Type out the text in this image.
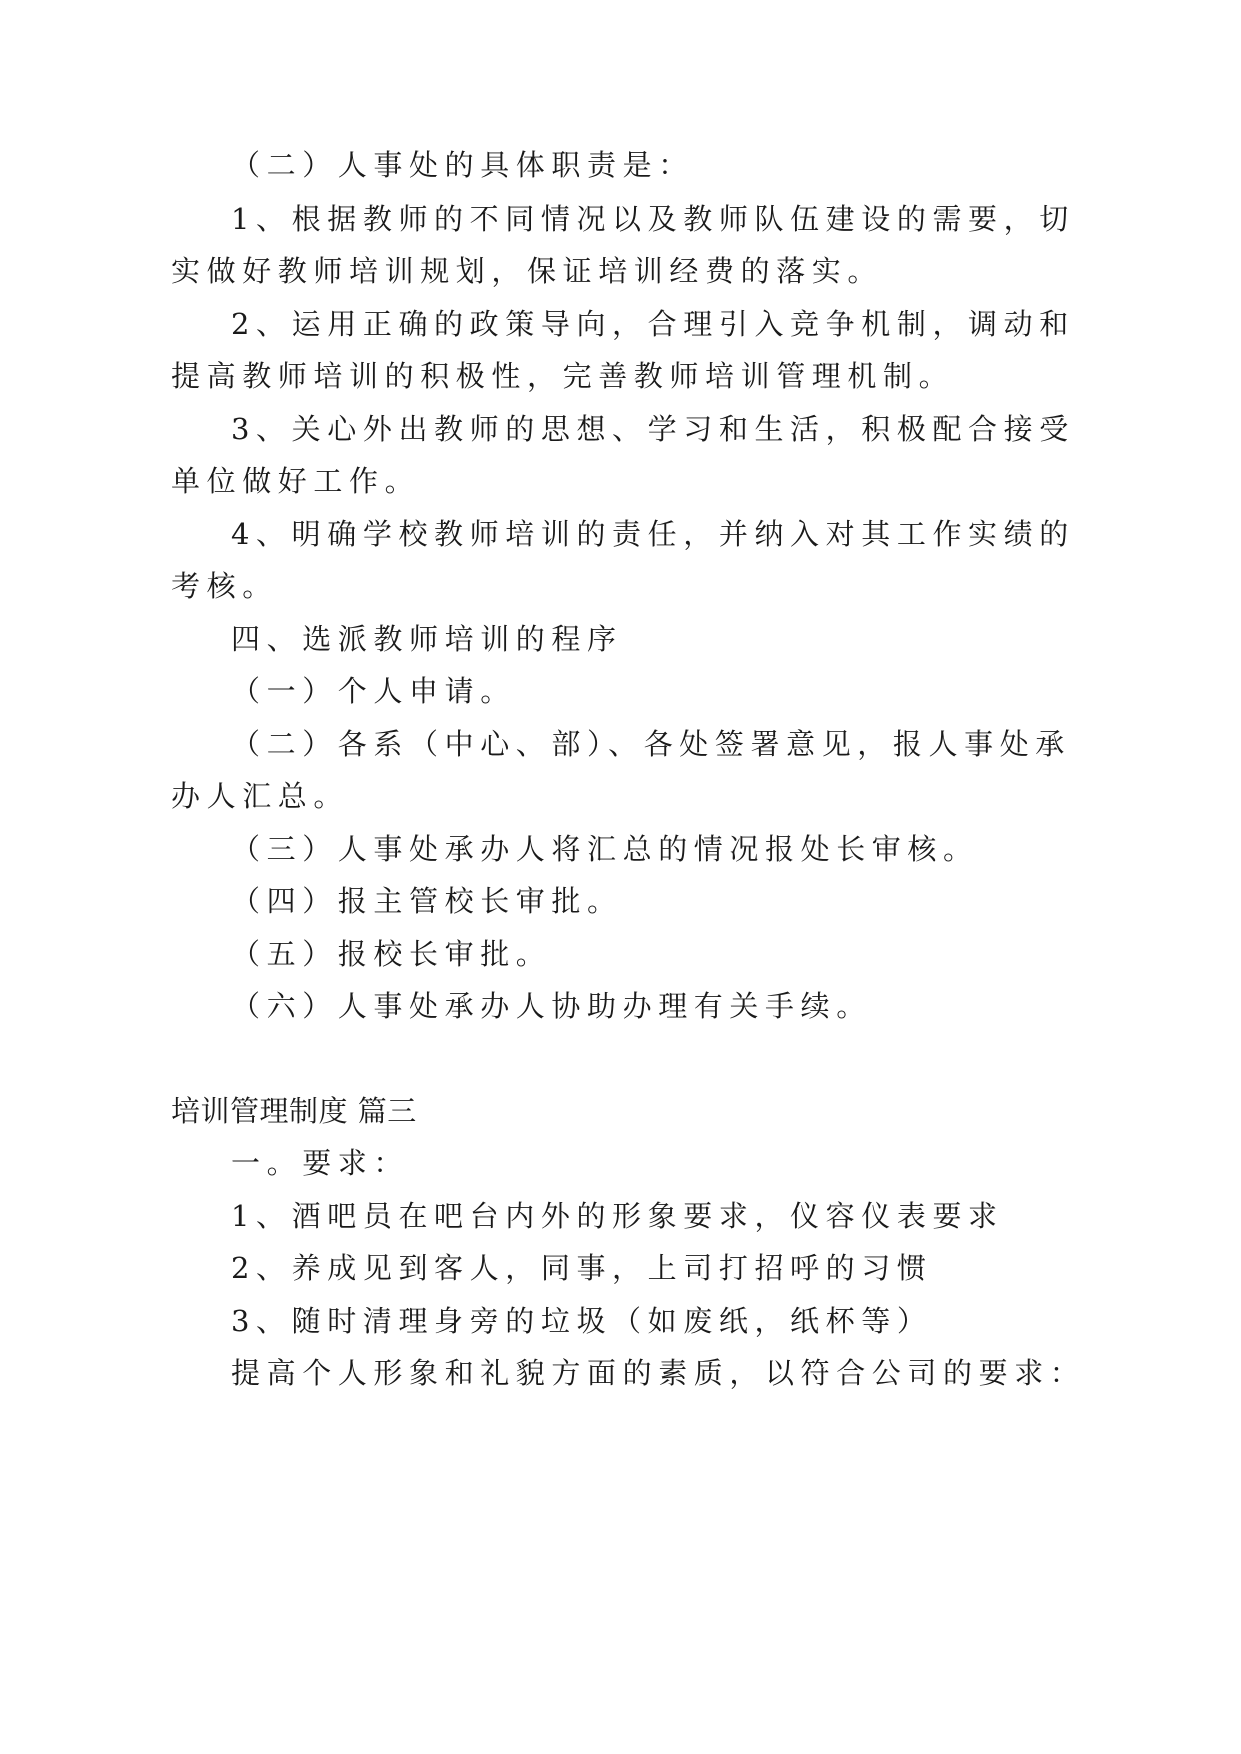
（二）人事处的具体职责是：

1、根据教师的不同情况以及教师队伍建设的需要，切

实做好教师培训规划，保证培训经费的落实。

2、运用正确的政策导向，合理引入竞争机制，调动和

提高教师培训的积极性，完善教师培训管理机制。

3、关心外出教师的思想、学习和生活，积极配合接受

单位做好工作。

4、明确学校教师培训的责任，并纳入对其工作实绩的

考核。

四、选派教师培训的程序

（一）个人申请。

（二）各系（中心、部）、各处签署意见，报人事处承

办人汇总。

（三）人事处承办人将汇总的情况报处长审核。

（四）报主管校长审批。

（五）报校长审批。

（六）人事处承办人协助办理有关手续。

培训管理制度 篇三

一。要求：

1、酒吧员在吧台内外的形象要求，仪容仪表要求

2、养成见到客人，同事，上司打招呼的习惯

3、随时清理身旁的垃圾（如废纸，纸杯等）

提高个人形象和礼貌方面的素质，以符合公司的要求：
